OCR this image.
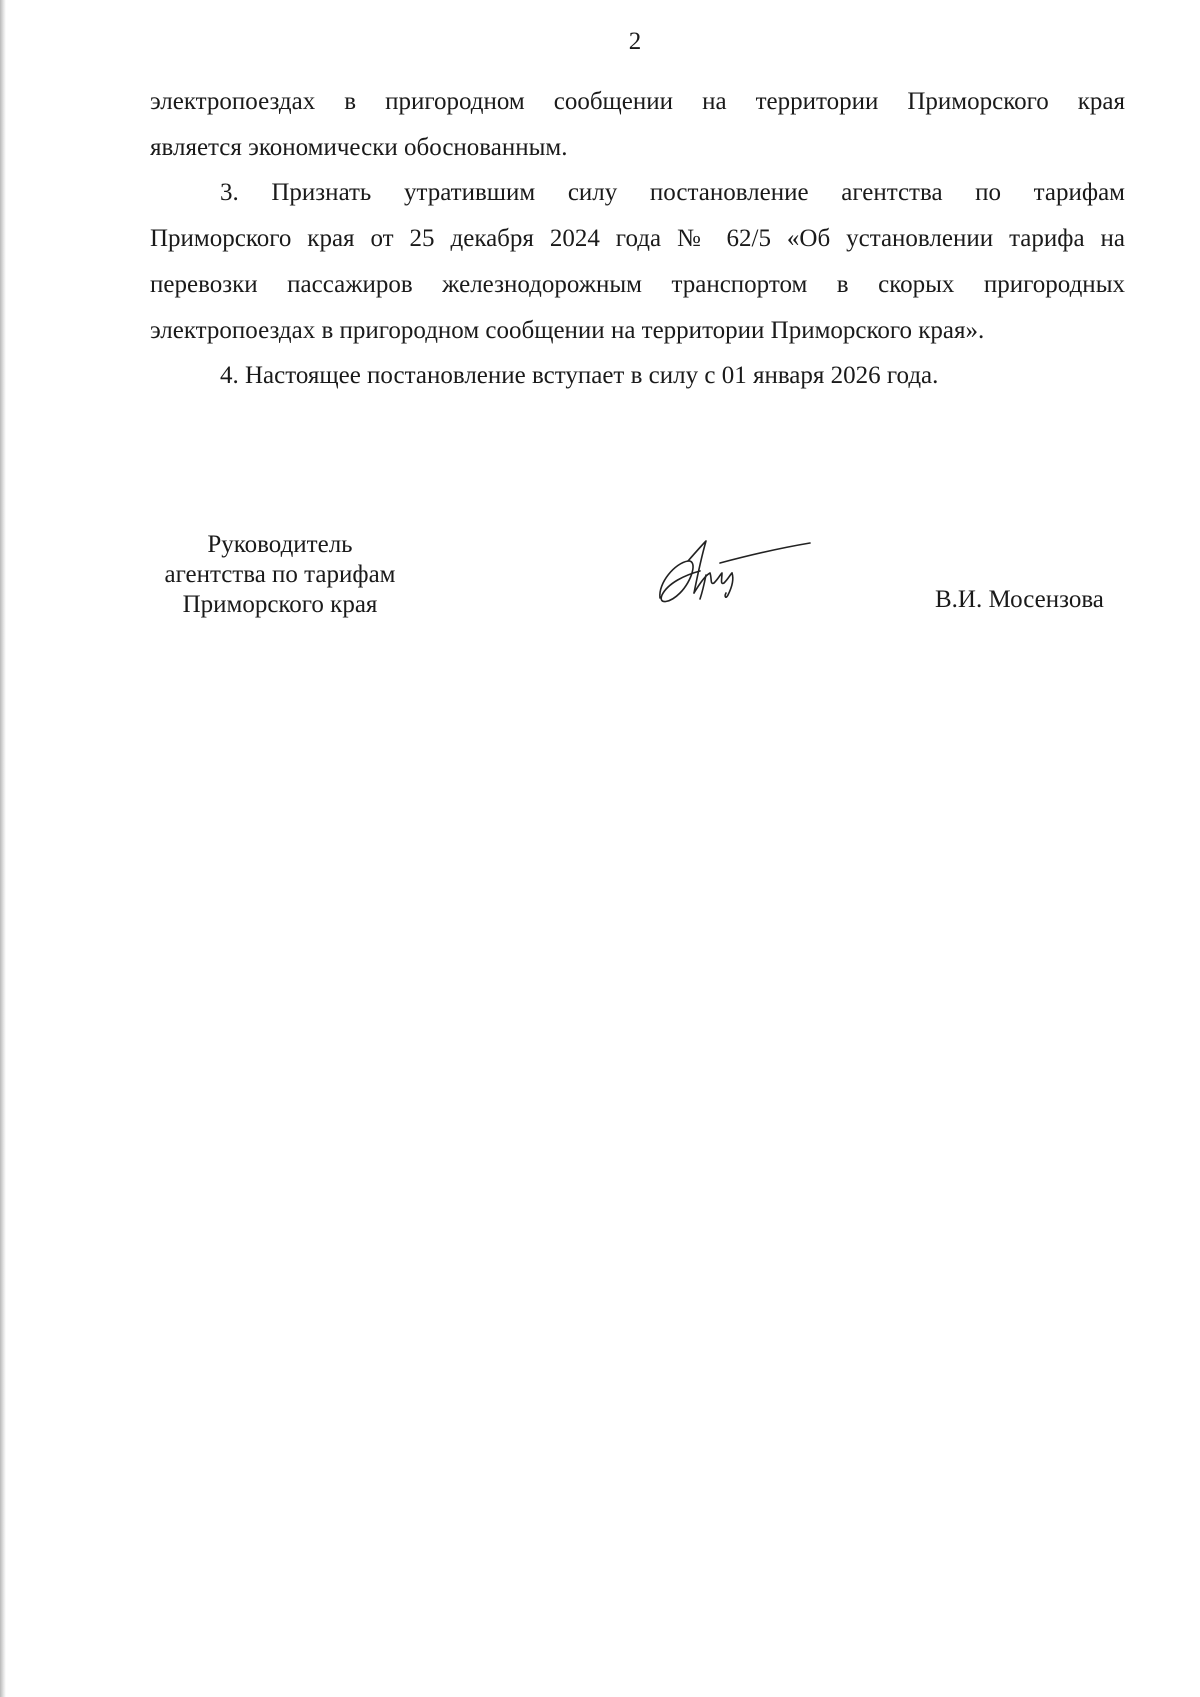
2
электропоездах в пригородном сообщении на территории Приморского края
является экономически обоснованным.
3. Признать утратившим силу постановление агентства по тарифам
Приморского края от 25 декабря 2024 года № 62/5 «Об установлении тарифа на
перевозки пассажиров железнодорожным транспортом в скорых пригородных
электропоездах в пригородном сообщении на территории Приморского края».
4. Настоящее постановление вступает в силу с 01 января 2026 года.
Руководитель
агентства по тарифам
Приморского края	В.И. Мосензова
